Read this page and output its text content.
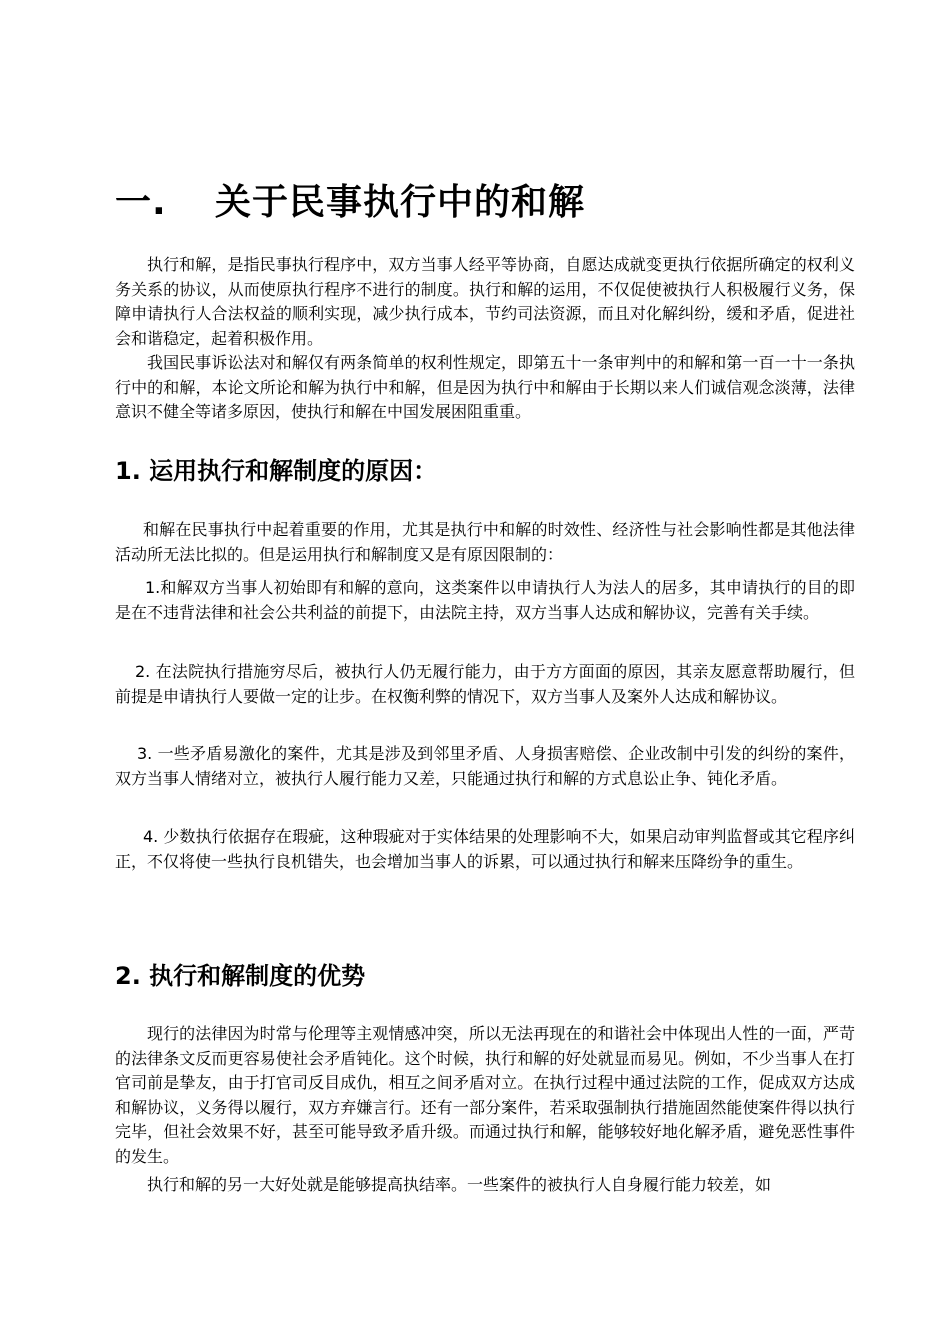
一. 关于民事执行中的和解

执行和解，是指民事执行程序中，双方当事人经平等协商，自愿达成就变更执行依据所确定的权利义务关系的协议，从而使原执行程序不进行的制度。执行和解的运用，不仅促使被执行人积极履行义务，保障申请执行人合法权益的顺利实现，减少执行成本，节约司法资源，而且对化解纠纷，缓和矛盾，促进社会和谐稳定，起着积极作用。

我国民事诉讼法对和解仅有两条简单的权利性规定，即第五十一条审判中的和解和第一百一十一条执行中的和解，本论文所论和解为执行中和解，但是因为执行中和解由于长期以来人们诚信观念淡薄，法律意识不健全等诸多原因，使执行和解在中国发展困阻重重。

1. 运用执行和解制度的原因：

和解在民事执行中起着重要的作用，尤其是执行中和解的时效性、经济性与社会影响性都是其他法律活动所无法比拟的。但是运用执行和解制度又是有原因限制的：

1.和解双方当事人初始即有和解的意向，这类案件以申请执行人为法人的居多，其申请执行的目的即是在不违背法律和社会公共利益的前提下，由法院主持，双方当事人达成和解协议，完善有关手续。

2. 在法院执行措施穷尽后，被执行人仍无履行能力，由于方方面面的原因，其亲友愿意帮助履行，但前提是申请执行人要做一定的让步。在权衡利弊的情况下，双方当事人及案外人达成和解协议。

3. 一些矛盾易激化的案件，尤其是涉及到邻里矛盾、人身损害赔偿、企业改制中引发的纠纷的案件，双方当事人情绪对立，被执行人履行能力又差，只能通过执行和解的方式息讼止争、钝化矛盾。

4. 少数执行依据存在瑕疵，这种瑕疵对于实体结果的处理影响不大，如果启动审判监督或其它程序纠正，不仅将使一些执行良机错失，也会增加当事人的诉累，可以通过执行和解来压降纷争的重生。

2. 执行和解制度的优势

现行的法律因为时常与伦理等主观情感冲突，所以无法再现在的和谐社会中体现出人性的一面，严苛的法律条文反而更容易使社会矛盾钝化。这个时候，执行和解的好处就显而易见。例如，不少当事人在打官司前是挚友，由于打官司反目成仇，相互之间矛盾对立。在执行过程中通过法院的工作，促成双方达成和解协议，义务得以履行，双方弃嫌言行。还有一部分案件，若采取强制执行措施固然能使案件得以执行完毕，但社会效果不好，甚至可能导致矛盾升级。而通过执行和解，能够较好地化解矛盾，避免恶性事件的发生。

执行和解的另一大好处就是能够提高执结率。一些案件的被执行人自身履行能力较差，如
